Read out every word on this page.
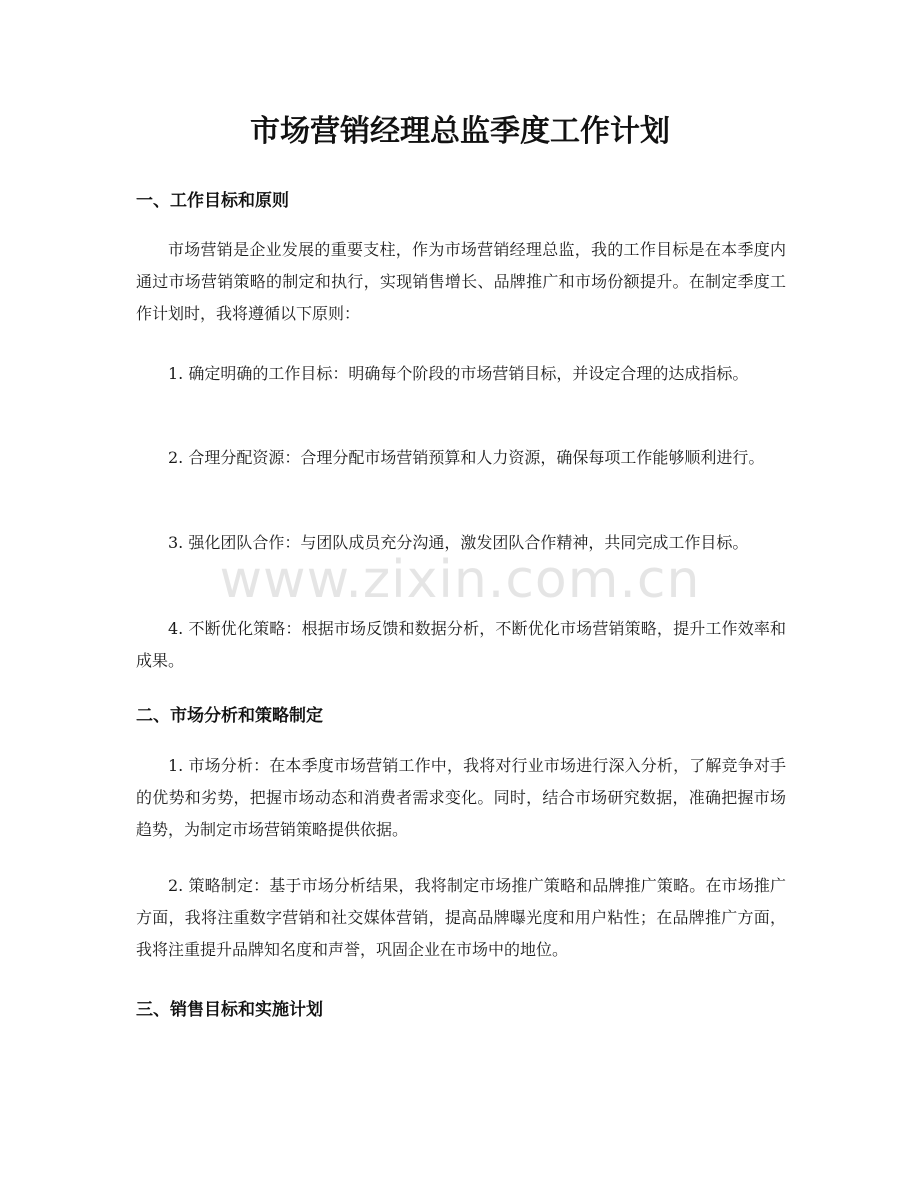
市场营销经理总监季度工作计划
一、工作目标和原则

市场营销是企业发展的重要支柱，作为市场营销经理总监，我的工作目标是在本季度内通过市场营销策略的制定和执行，实现销售增长、品牌推广和市场份额提升。在制定季度工作计划时，我将遵循以下原则：

1. 确定明确的工作目标：明确每个阶段的市场营销目标，并设定合理的达成指标。

2. 合理分配资源：合理分配市场营销预算和人力资源，确保每项工作能够顺利进行。

3. 强化团队合作：与团队成员充分沟通，激发团队合作精神，共同完成工作目标。

4. 不断优化策略：根据市场反馈和数据分析，不断优化市场营销策略，提升工作效率和成果。

二、市场分析和策略制定

1. 市场分析：在本季度市场营销工作中，我将对行业市场进行深入分析，了解竞争对手的优势和劣势，把握市场动态和消费者需求变化。同时，结合市场研究数据，准确把握市场趋势，为制定市场营销策略提供依据。

2. 策略制定：基于市场分析结果，我将制定市场推广策略和品牌推广策略。在市场推广方面，我将注重数字营销和社交媒体营销，提高品牌曝光度和用户粘性；在品牌推广方面，我将注重提升品牌知名度和声誉，巩固企业在市场中的地位。

三、销售目标和实施计划
www.zixin.com.cn
